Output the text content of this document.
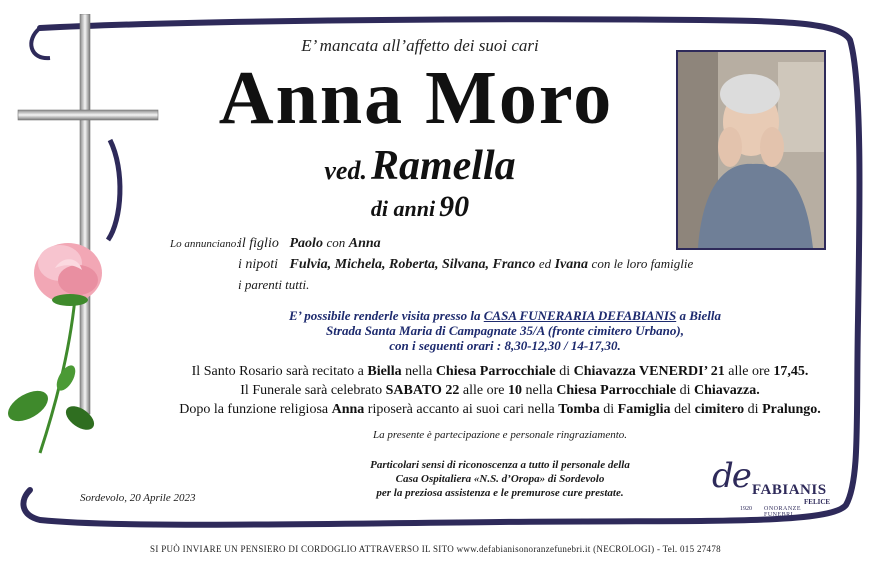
E’ mancata all’affetto dei suoi cari
Anna Moro
ved. Ramella
di anni 90
Lo annunciano:
il figlio Paolo con Anna
i nipoti Fulvia, Michela, Roberta, Silvana, Franco ed Ivana con le loro famiglie
i parenti tutti.
E’ possibile renderle visita presso la CASA FUNERARIA DEFABIANIS a Biella
Strada Santa Maria di Campagnate 35/A (fronte cimitero Urbano),
con i seguenti orari : 8,30-12,30 / 14-17,30.
Il Santo Rosario sarà recitato a Biella nella Chiesa Parrocchiale di Chiavazza VENERDI’ 21 alle ore 17,45.
Il Funerale sarà celebrato SABATO 22 alle ore 10 nella Chiesa Parrocchiale di Chiavazza.
Dopo la funzione religiosa Anna riposerà accanto ai suoi cari nella Tomba di Famiglia del cimitero di Pralungo.
La presente è partecipazione e personale ringraziamento.
Particolari sensi di riconoscenza a tutto il personale della
Casa Ospitaliera «N.S. d’Oropa» di Sordevolo
per la preziosa assistenza e le premurose cure prestate.
Sordevolo, 20 Aprile 2023
de FABIANIS
FELICE
1920 ONORANZE FUNEBRI
SI PUÒ INVIARE UN PENSIERO DI CORDOGLIO ATTRAVERSO IL SITO www.defabianisonoranzefunebri.it (NECROLOGI) - Tel. 015 27478
